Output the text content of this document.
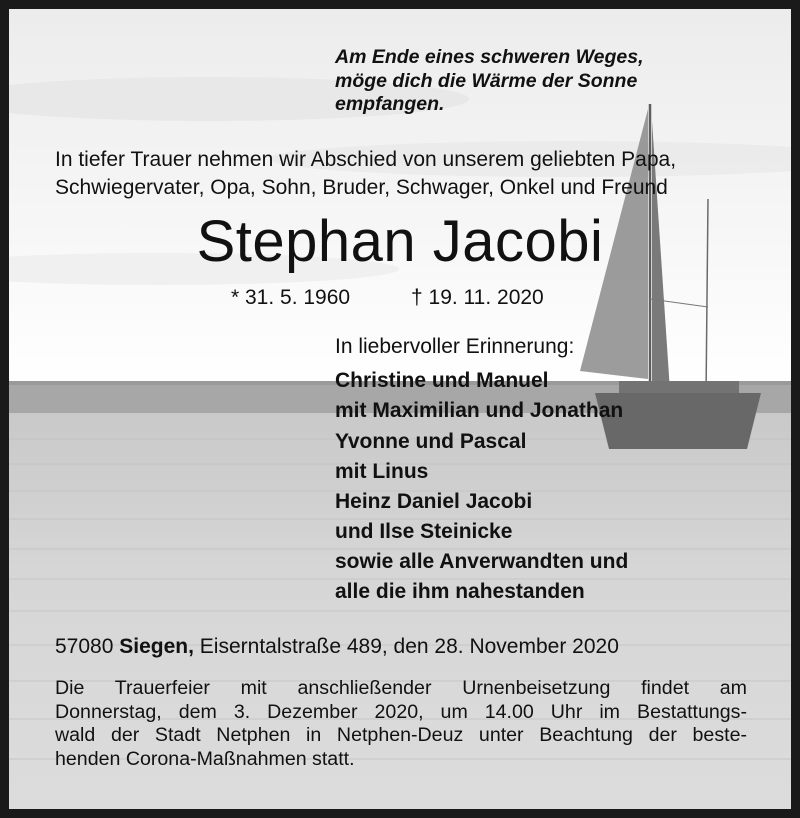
Am Ende eines schweren Weges,
möge dich die Wärme der Sonne
empfangen.
In tiefer Trauer nehmen wir Abschied von unserem geliebten Papa,
Schwiegervater, Opa, Sohn, Bruder, Schwager, Onkel und Freund
Stephan Jacobi
* 31. 5. 1960	† 19. 11. 2020
In liebervoller Erinnerung:
Christine und Manuel
mit Maximilian und Jonathan
Yvonne und Pascal
mit Linus
Heinz Daniel Jacobi
und Ilse Steinicke
sowie alle Anverwandten und
alle die ihm nahestanden
57080 Siegen, Eiserntalstraße 489, den 28. November 2020
Die Trauerfeier mit anschließender Urnenbeisetzung findet am
Donnerstag, dem 3. Dezember 2020, um 14.00 Uhr im Bestattungs-
wald der Stadt Netphen in Netphen-Deuz unter Beachtung der beste-
henden Corona-Maßnahmen statt.
